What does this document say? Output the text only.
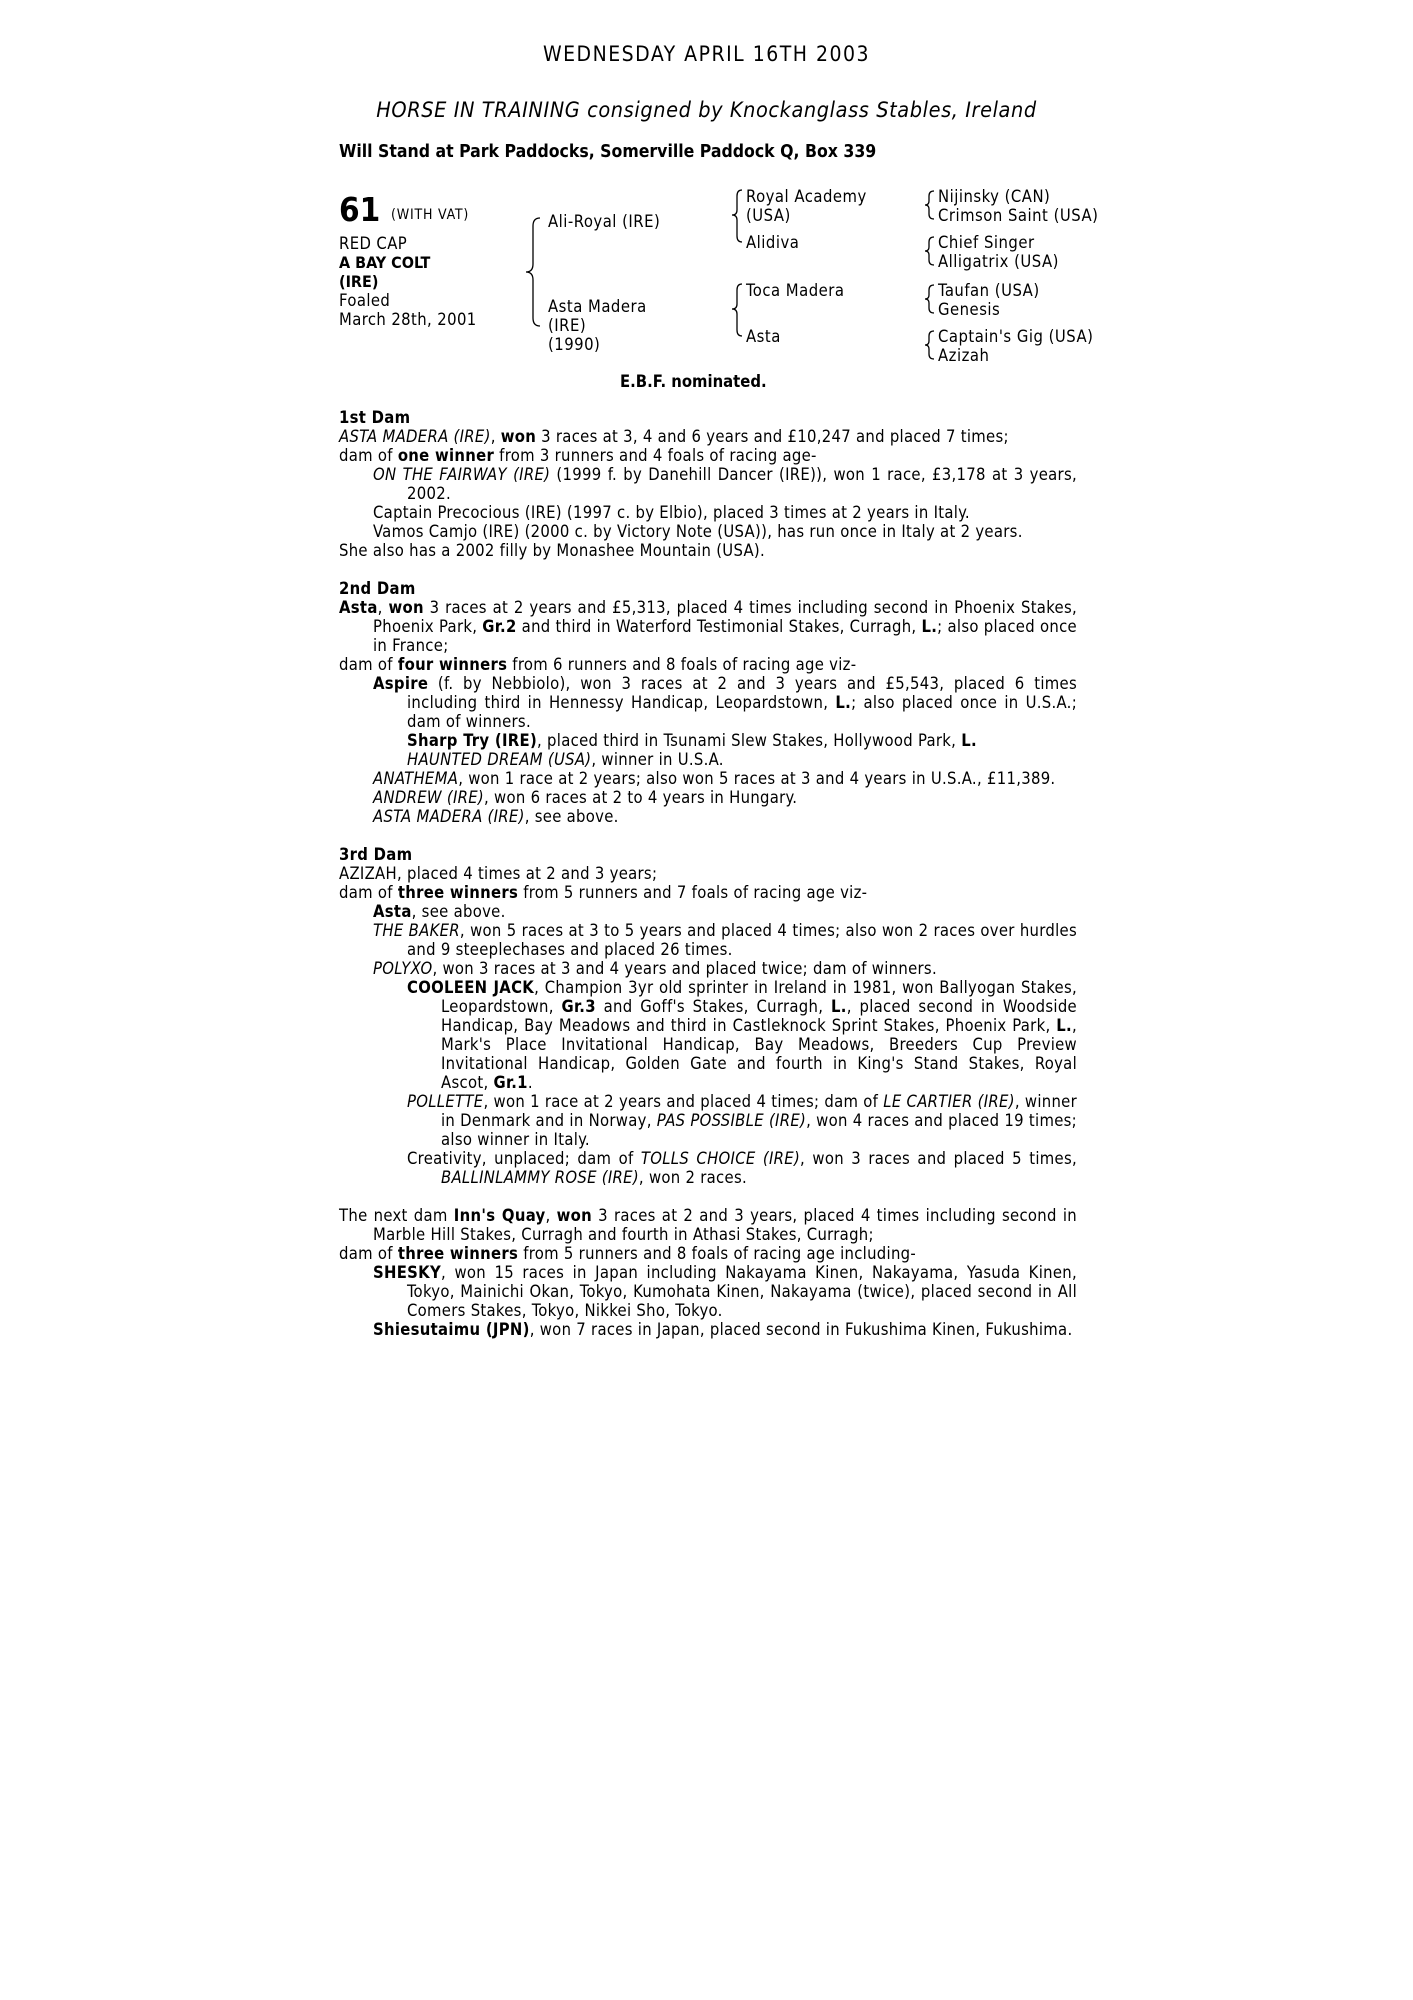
WEDNESDAY APRIL 16TH 2003
HORSE IN TRAINING consigned by Knockanglass Stables, Ireland
Will Stand at Park Paddocks, Somerville Paddock Q, Box 339
61 (WITH VAT)
RED CAP
A BAY COLT
(IRE)
Foaled
March 28th, 2001
Ali-Royal (IRE)
Asta Madera
(IRE)
(1990)
Royal Academy
(USA)
Alidiva
Toca Madera
Asta
Nijinsky (CAN)
Crimson Saint (USA)
Chief Singer
Alligatrix (USA)
Taufan (USA)
Genesis
Captain's Gig (USA)
Azizah
E.B.F. nominated.
1st Dam
ASTA MADERA (IRE), won 3 races at 3, 4 and 6 years and £10,247 and placed 7 times;
dam of one winner from 3 runners and 4 foals of racing age-
ON THE FAIRWAY (IRE) (1999 f. by Danehill Dancer (IRE)), won 1 race, £3,178 at 3 years, 2002.
Captain Precocious (IRE) (1997 c. by Elbio), placed 3 times at 2 years in Italy.
Vamos Camjo (IRE) (2000 c. by Victory Note (USA)), has run once in Italy at 2 years.
She also has a 2002 filly by Monashee Mountain (USA).
2nd Dam
Asta, won 3 races at 2 years and £5,313, placed 4 times including second in Phoenix Stakes, Phoenix Park, Gr.2 and third in Waterford Testimonial Stakes, Curragh, L.; also placed once in France;
dam of four winners from 6 runners and 8 foals of racing age viz-
Aspire (f. by Nebbiolo), won 3 races at 2 and 3 years and £5,543, placed 6 times including third in Hennessy Handicap, Leopardstown, L.; also placed once in U.S.A.; dam of winners.
Sharp Try (IRE), placed third in Tsunami Slew Stakes, Hollywood Park, L.
HAUNTED DREAM (USA), winner in U.S.A.
ANATHEMA, won 1 race at 2 years; also won 5 races at 3 and 4 years in U.S.A., £11,389.
ANDREW (IRE), won 6 races at 2 to 4 years in Hungary.
ASTA MADERA (IRE), see above.
3rd Dam
AZIZAH, placed 4 times at 2 and 3 years;
dam of three winners from 5 runners and 7 foals of racing age viz-
Asta, see above.
THE BAKER, won 5 races at 3 to 5 years and placed 4 times; also won 2 races over hurdles and 9 steeplechases and placed 26 times.
POLYXO, won 3 races at 3 and 4 years and placed twice; dam of winners.
COOLEEN JACK, Champion 3yr old sprinter in Ireland in 1981, won Ballyogan Stakes, Leopardstown, Gr.3 and Goff's Stakes, Curragh, L., placed second in Woodside Handicap, Bay Meadows and third in Castleknock Sprint Stakes, Phoenix Park, L., Mark's Place Invitational Handicap, Bay Meadows, Breeders Cup Preview Invitational Handicap, Golden Gate and fourth in King's Stand Stakes, Royal Ascot, Gr.1.
POLLETTE, won 1 race at 2 years and placed 4 times; dam of LE CARTIER (IRE), winner in Denmark and in Norway, PAS POSSIBLE (IRE), won 4 races and placed 19 times; also winner in Italy.
Creativity, unplaced; dam of TOLLS CHOICE (IRE), won 3 races and placed 5 times, BALLINLAMMY ROSE (IRE), won 2 races.
The next dam Inn's Quay, won 3 races at 2 and 3 years, placed 4 times including second in Marble Hill Stakes, Curragh and fourth in Athasi Stakes, Curragh;
dam of three winners from 5 runners and 8 foals of racing age including-
SHESKY, won 15 races in Japan including Nakayama Kinen, Nakayama, Yasuda Kinen, Tokyo, Mainichi Okan, Tokyo, Kumohata Kinen, Nakayama (twice), placed second in All Comers Stakes, Tokyo, Nikkei Sho, Tokyo.
Shiesutaimu (JPN), won 7 races in Japan, placed second in Fukushima Kinen, Fukushima.
